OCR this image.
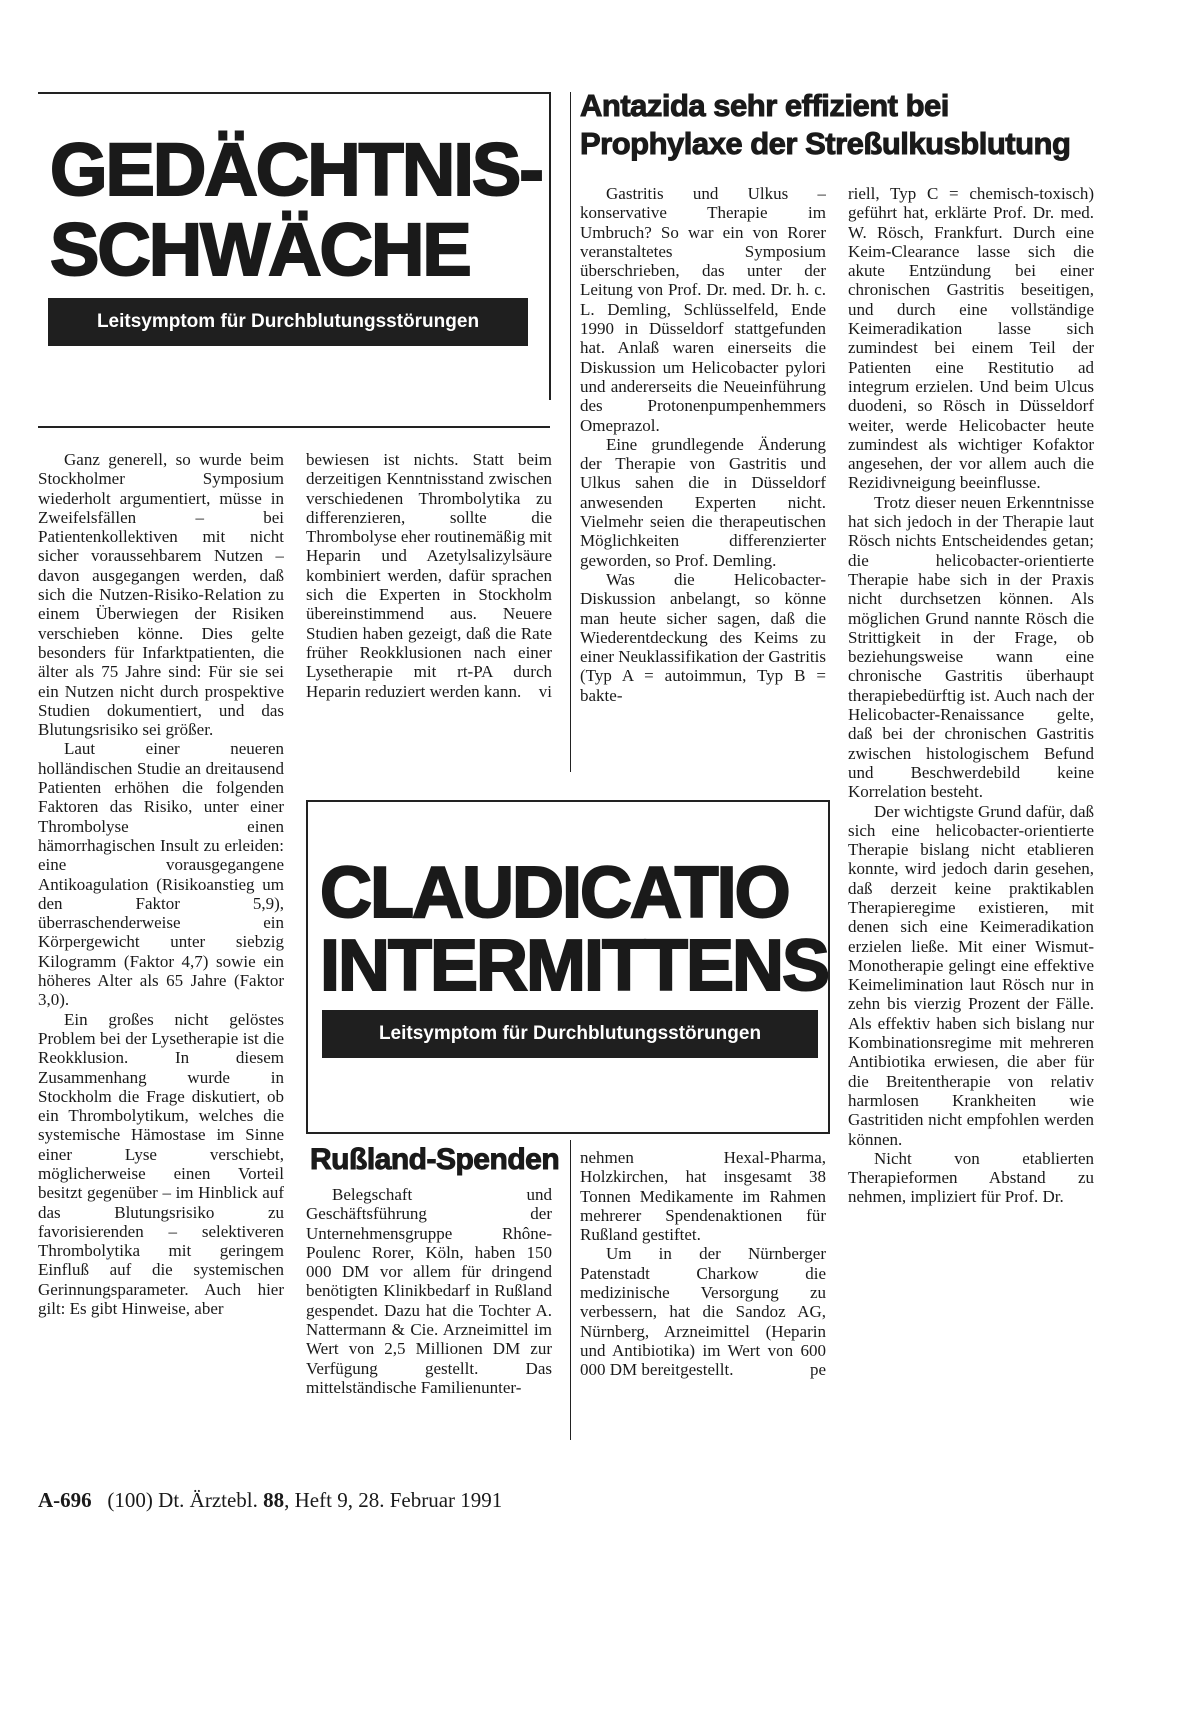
GEDÄCHTNIS-
SCHWÄCHE
Leitsymptom für Durchblutungsstörungen

Ganz generell, so wurde beim Stockholmer Symposium wiederholt argumentiert, müsse in Zweifelsfällen – bei Patientenkollektiven mit nicht sicher voraussehbarem Nutzen – davon ausgegangen werden, daß sich die Nutzen-Risiko-Relation zu einem Überwiegen der Risiken verschieben könne. Dies gelte besonders für Infarktpatienten, die älter als 75 Jahre sind: Für sie sei ein Nutzen nicht durch prospektive Studien dokumentiert, und das Blutungsrisiko sei größer.

Laut einer neueren holländischen Studie an dreitausend Patienten erhöhen die folgenden Faktoren das Risiko, unter einer Thrombolyse einen hämorrhagischen Insult zu erleiden: eine vorausgegangene Antikoagulation (Risikoanstieg um den Faktor 5,9), überraschenderweise ein Körpergewicht unter siebzig Kilogramm (Faktor 4,7) sowie ein höheres Alter als 65 Jahre (Faktor 3,0).

Ein großes nicht gelöstes Problem bei der Lysetherapie ist die Reokklusion. In diesem Zusammenhang wurde in Stockholm die Frage diskutiert, ob ein Thrombolytikum, welches die systemische Hämostase im Sinne einer Lyse verschiebt, möglicherweise einen Vorteil besitzt gegenüber – im Hinblick auf das Blutungsrisiko zu favorisierenden – selektiveren Thrombolytika mit geringem Einfluß auf die systemischen Gerinnungsparameter. Auch hier gilt: Es gibt Hinweise, aber

bewiesen ist nichts. Statt beim derzeitigen Kenntnisstand zwischen verschiedenen Thrombolytika zu differenzieren, sollte die Thrombolyse eher routinemäßig mit Heparin und Azetylsalizylsäure kombiniert werden, dafür sprachen sich die Experten in Stockholm übereinstimmend aus. Neuere Studien haben gezeigt, daß die Rate früher Reokklusionen nach einer Lysetherapie mit rt-PA durch Heparin reduziert werden kann. vi

Antazida sehr effizient bei
Prophylaxe der Streßulkusblutung

Gastritis und Ulkus – konservative Therapie im Umbruch? So war ein von Rorer veranstaltetes Symposium überschrieben, das unter der Leitung von Prof. Dr. med. Dr. h. c. L. Demling, Schlüsselfeld, Ende 1990 in Düsseldorf stattgefunden hat. Anlaß waren einerseits die Diskussion um Helicobacter pylori und andererseits die Neueinführung des Protonenpumpenhemmers Omeprazol.

Eine grundlegende Änderung der Therapie von Gastritis und Ulkus sahen die in Düsseldorf anwesenden Experten nicht. Vielmehr seien die therapeutischen Möglichkeiten differenzierter geworden, so Prof. Demling.

Was die Helicobacter-Diskussion anbelangt, so könne man heute sicher sagen, daß die Wiederentdeckung des Keims zu einer Neuklassifikation der Gastritis (Typ A = autoimmun, Typ B = bakte-

riell, Typ C = chemisch-toxisch) geführt hat, erklärte Prof. Dr. med. W. Rösch, Frankfurt. Durch eine Keim-Clearance lasse sich die akute Entzündung bei einer chronischen Gastritis beseitigen, und durch eine vollständige Keimeradikation lasse sich zumindest bei einem Teil der Patienten eine Restitutio ad integrum erzielen. Und beim Ulcus duodeni, so Rösch in Düsseldorf weiter, werde Helicobacter heute zumindest als wichtiger Kofaktor angesehen, der vor allem auch die Rezidivneigung beeinflusse.

Trotz dieser neuen Erkenntnisse hat sich jedoch in der Therapie laut Rösch nichts Entscheidendes getan; die helicobacter-orientierte Therapie habe sich in der Praxis nicht durchsetzen können. Als möglichen Grund nannte Rösch die Strittigkeit in der Frage, ob beziehungsweise wann eine chronische Gastritis überhaupt therapiebedürftig ist. Auch nach der Helicobacter-Renaissance gelte, daß bei der chronischen Gastritis zwischen histologischem Befund und Beschwerdebild keine Korrelation besteht.

Der wichtigste Grund dafür, daß sich eine helicobacter-orientierte Therapie bislang nicht etablieren konnte, wird jedoch darin gesehen, daß derzeit keine praktikablen Therapieregime existieren, mit denen sich eine Keimeradikation erzielen ließe. Mit einer Wismut-Monotherapie gelingt eine effektive Keimelimination laut Rösch nur in zehn bis vierzig Prozent der Fälle. Als effektiv haben sich bislang nur Kombinationsregime mit mehreren Antibiotika erwiesen, die aber für die Breitentherapie von relativ harmlosen Krankheiten wie Gastritiden nicht empfohlen werden können.

Nicht von etablierten Therapieformen Abstand zu nehmen, impliziert für Prof. Dr.

CLAUDICATIO
INTERMITTENS
Leitsymptom für Durchblutungsstörungen
Rußland-Spenden

Belegschaft und Geschäftsführung der Unternehmensgruppe Rhône-Poulenc Rorer, Köln, haben 150 000 DM vor allem für dringend benötigten Klinikbedarf in Rußland gespendet. Dazu hat die Tochter A. Nattermann & Cie. Arzneimittel im Wert von 2,5 Millionen DM zur Verfügung gestellt. Das mittelständische Familienunter-

nehmen Hexal-Pharma, Holzkirchen, hat insgesamt 38 Tonnen Medikamente im Rahmen mehrerer Spendenaktionen für Rußland gestiftet.

Um in der Nürnberger Patenstadt Charkow die medizinische Versorgung zu verbessern, hat die Sandoz AG, Nürnberg, Arzneimittel (Heparin und Antibiotika) im Wert von 600 000 DM bereitgestellt.	pe

A-696 (100) Dt. Ärztebl. 88, Heft 9, 28. Februar 1991
